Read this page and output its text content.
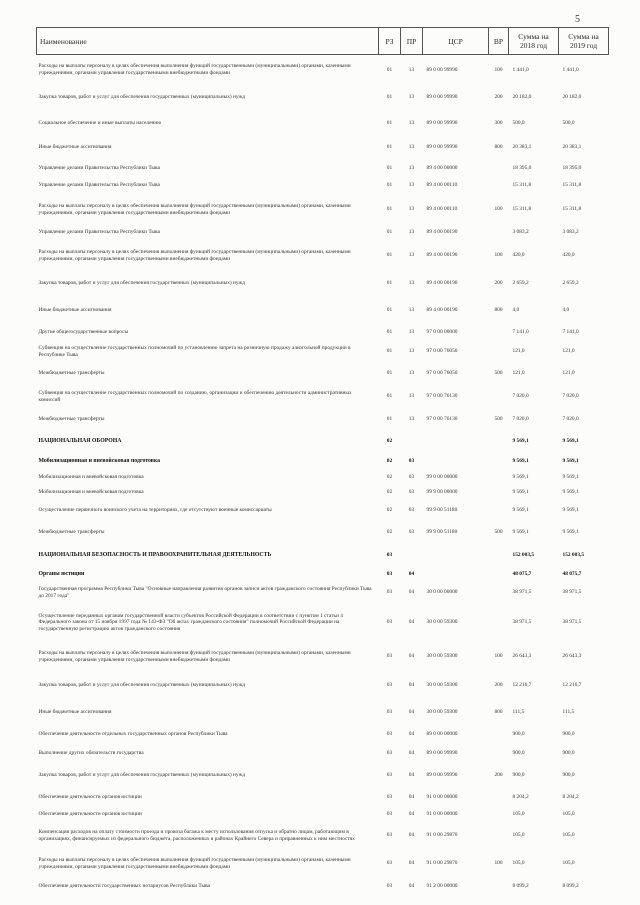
5
Наименование	РЗ	ПР	ЦСР	ВР	Сумма на 2018 год	Сумма на 2019 год
Расходы на выплаты персоналу в целях обеспечения выполнения функций государственными (муниципальными) органами, казенными учреждениями, органами управления государственными внебюджетными фондами	01	13	89 0 00 99990	100	1 441,0	1 441,0
Закупка товаров, работ и услуг для обеспечения государственных (муниципальных) нужд	01	13	89 0 00 99990	200	20 182,0	20 182,0
Социальное обеспечение и иные выплаты населению	01	13	89 0 00 99990	300	500,0	500,0
Иные бюджетные ассигнования	01	13	89 0 00 99990	800	20 383,1	20 383,1
Управление делами Правительства Республики Тыва	01	13	89 4 00 00000		18 395,0	18 395,0
Управление делами Правительства Республики Тыва	01	13	89 4 00 00110		15 311,8	15 311,8
Расходы на выплаты персоналу в целях обеспечения выполнения функций государственными (муниципальными) органами, казенными учреждениями, органами управления государственными внебюджетными фондами	01	13	89 4 00 00110	100	15 311,8	15 311,8
Управление делами Правительства Республики Тыва	01	13	89 4 00 00190		3 083,2	3 083,2
Расходы на выплаты персоналу в целях обеспечения выполнения функций государственными (муниципальными) органами, казенными учреждениями, органами управления государственными внебюджетными фондами	01	13	89 4 00 00190	100	420,0	420,0
Закупка товаров, работ и услуг для обеспечения государственных (муниципальных) нужд	01	13	89 4 00 00190	200	2 659,2	2 659,2
Иные бюджетные ассигнования	01	13	89 4 00 00190	800	4,0	4,0
Другие общегосударственные вопросы	01	13	97 0 00 00000		7 141,0	7 141,0
Субвенция на осуществление государственных полномочий по установлению запрета на розничную продажу алкогольной продукции в Республике Тыва	01	13	97 0 00 76050		121,0	121,0
Межбюджетные трансферты	01	13	97 0 00 76050	500	121,0	121,0
Субвенция на осуществление государственных полномочий по созданию, организации и обеспечению деятельности административных комиссий	01	13	97 0 00 76130		7 020,0	7 020,0
Межбюджетные трансферты	01	13	97 0 00 76130	500	7 020,0	7 020,0
НАЦИОНАЛЬНАЯ ОБОРОНА	02				9 569,1	9 569,1
Мобилизационная и вневойсковая подготовка	02	03			9 569,1	9 569,1
Мобилизационная и вневойсковая подготовка	02	03	99 0 00 00000		9 569,1	9 569,1
Мобилизационная и вневойсковая подготовка	02	03	99 9 00 00000		9 569,1	9 569,1
Осуществление первичного воинского учета на территориях, где отсутствуют военные комиссариаты	02	03	99 9 00 51180		9 569,1	9 569,1
Межбюджетные трансферты	02	03	99 9 00 51180	500	9 569,1	9 569,1
НАЦИОНАЛЬНАЯ БЕЗОПАСНОСТЬ И ПРАВООХРАНИТЕЛЬНАЯ ДЕЯТЕЛЬНОСТЬ	03				152 003,5	152 003,5
Органы юстиции	03	04			48 075,7	48 075,7
Государственная программа Республики Тыва "Основные направления развития органов записи актов гражданского состояния Республики Тыва до 2017 года"	03	04	30 0 00 00000		38 971,5	38 971,5
Осуществление переданных органам государственной власти субъектов Российской Федерации в соответствии с пунктом 1 статьи 4 Федерального закона от 15 ноября 1997 года № 143-ФЗ "Об актах гражданского состояния" полномочий Российской Федерации на государственную регистрацию актов гражданского состояния	03	04	30 0 00 59300		38 971,5	38 971,5
Расходы на выплаты персоналу в целях обеспечения выполнения функций государственными (муниципальными) органами, казенными учреждениями, органами управления государственными внебюджетными фондами	03	04	30 0 00 59300	100	26 643,3	26 643,3
Закупка товаров, работ и услуг для обеспечения государственных (муниципальных) нужд	03	04	30 0 00 59300	200	12 216,7	12 216,7
Иные бюджетные ассигнования	03	04	30 0 00 59300	800	111,5	111,5
Обеспечение деятельности отдельных государственных органов Республики Тыва	03	04	89 0 00 00000		900,0	900,0
Выполнение других обязательств государства	03	04	89 0 00 99990		900,0	900,0
Закупка товаров, работ и услуг для обеспечения государственных (муниципальных) нужд	03	04	89 0 00 99990	200	900,0	900,0
Обеспечение деятельности органов юстиции	03	04	91 0 00 00000		8 204,2	8 204,2
Обеспечение деятельности органов юстиции	03	04	91 0 00 00000		105,0	105,0
Компенсация расходов на оплату стоимости проезда и провоза багажа к месту использования отпуска и обратно лицам, работающим в организациях, финансируемых из федерального бюджета, расположенных в районах Крайнего Севера и приравненных к ним местностях	03	04	91 0 00 29870		105,0	105,0
Расходы на выплаты персоналу в целях обеспечения выполнения функций государственными (муниципальными) органами, казенными учреждениями, органами управления государственными внебюджетными фондами	03	04	91 0 00 29870	100	105,0	105,0
Обеспечение деятельности государственных нотариусов Республики Тыва	03	04	91 2 00 00000		8 099,2	8 099,2
